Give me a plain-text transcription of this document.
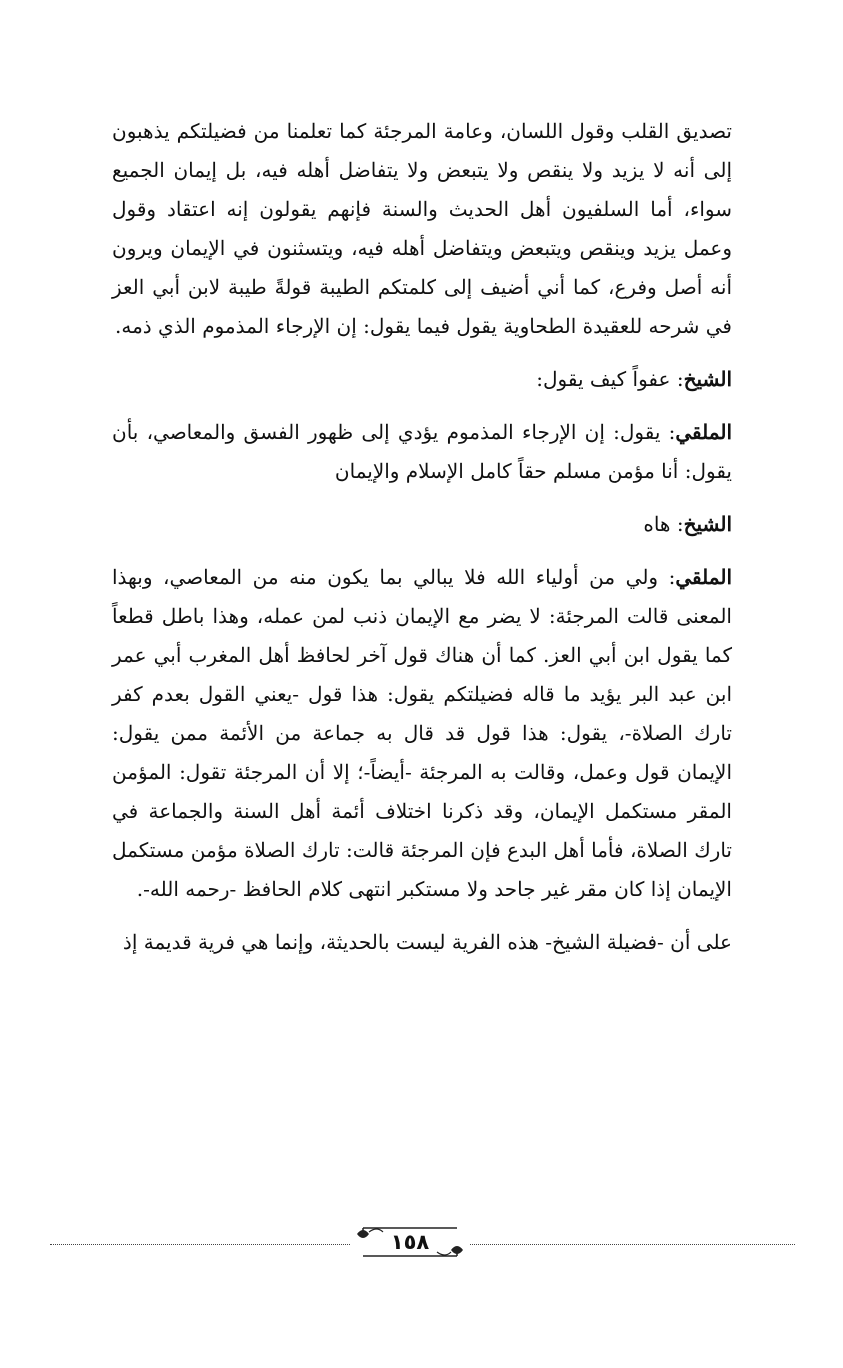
تصديق القلب وقول اللسان، وعامة المرجئة كما تعلمنا من فضيلتكم يذهبون إلى أنه لا يزيد ولا ينقص ولا يتبعض ولا يتفاضل أهله فيه، بل إيمان الجميع سواء، أما السلفيون أهل الحديث والسنة فإنهم يقولون إنه اعتقاد وقول وعمل يزيد وينقص ويتبعض ويتفاضل أهله فيه، ويتسثنون في الإيمان ويرون أنه أصل وفرع، كما أني أضيف إلى كلمتكم الطيبة قولةً طيبة لابن أبي العز في شرحه للعقيدة الطحاوية يقول فيما يقول: إن الإرجاء المذموم الذي ذمه.

الشيخ: عفواً كيف يقول:

الملقي: يقول: إن الإرجاء المذموم يؤدي إلى ظهور الفسق والمعاصي، بأن يقول: أنا مؤمن مسلم حقاً كامل الإسلام والإيمان

الشيخ: هاه

الملقي: ولي من أولياء الله فلا يبالي بما يكون منه من المعاصي، وبهذا المعنى قالت المرجئة: لا يضر مع الإيمان ذنب لمن عمله، وهذا باطل قطعاً كما يقول ابن أبي العز. كما أن هناك قول آخر لحافظ أهل المغرب أبي عمر ابن عبد البر يؤيد ما قاله فضيلتكم يقول: هذا قول -يعني القول بعدم كفر تارك الصلاة-، يقول: هذا قول قد قال به جماعة من الأئمة ممن يقول: الإيمان قول وعمل، وقالت به المرجئة -أيضاً-؛ إلا أن المرجئة تقول: المؤمن المقر مستكمل الإيمان، وقد ذكرنا اختلاف أئمة أهل السنة والجماعة في تارك الصلاة، فأما أهل البدع فإن المرجئة قالت: تارك الصلاة مؤمن مستكمل الإيمان إذا كان مقر غير جاحد ولا مستكبر انتهى كلام الحافظ -رحمه الله-.

على أن -فضيلة الشيخ- هذه الفرية ليست بالحديثة، وإنما هي فرية قديمة إذ

١٥٨
